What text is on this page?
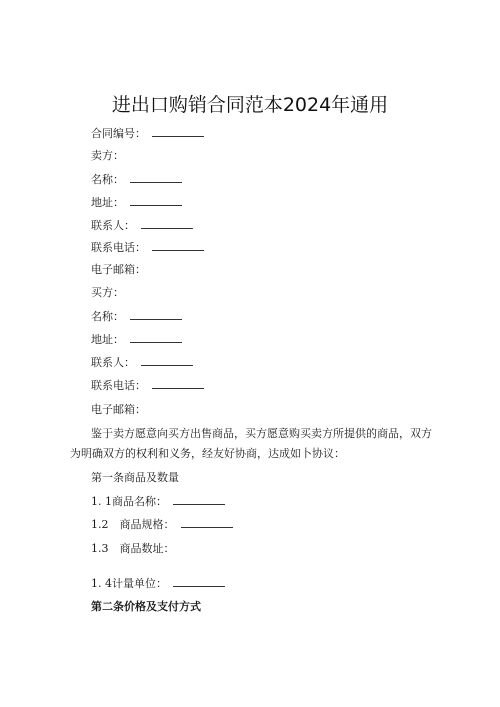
进出口购销合同范本2024年通用
合同编号：
卖方：
名称：
地址：
联系人：
联系电话：
电子邮箱：
买方：
名称：
地址：
联系人：
联系电话：
电子邮箱：
鉴于卖方愿意向买方出售商品，买方愿意购买卖方所提供的商品，双方为明确双方的权利和义务，经友好协商，达成如卜协议：
第一条商品及数量
1. 1商品名称：
1.2　商品规格：
1.3　商品数址：
1. 4计量单位：
第二条价格及支付方式
